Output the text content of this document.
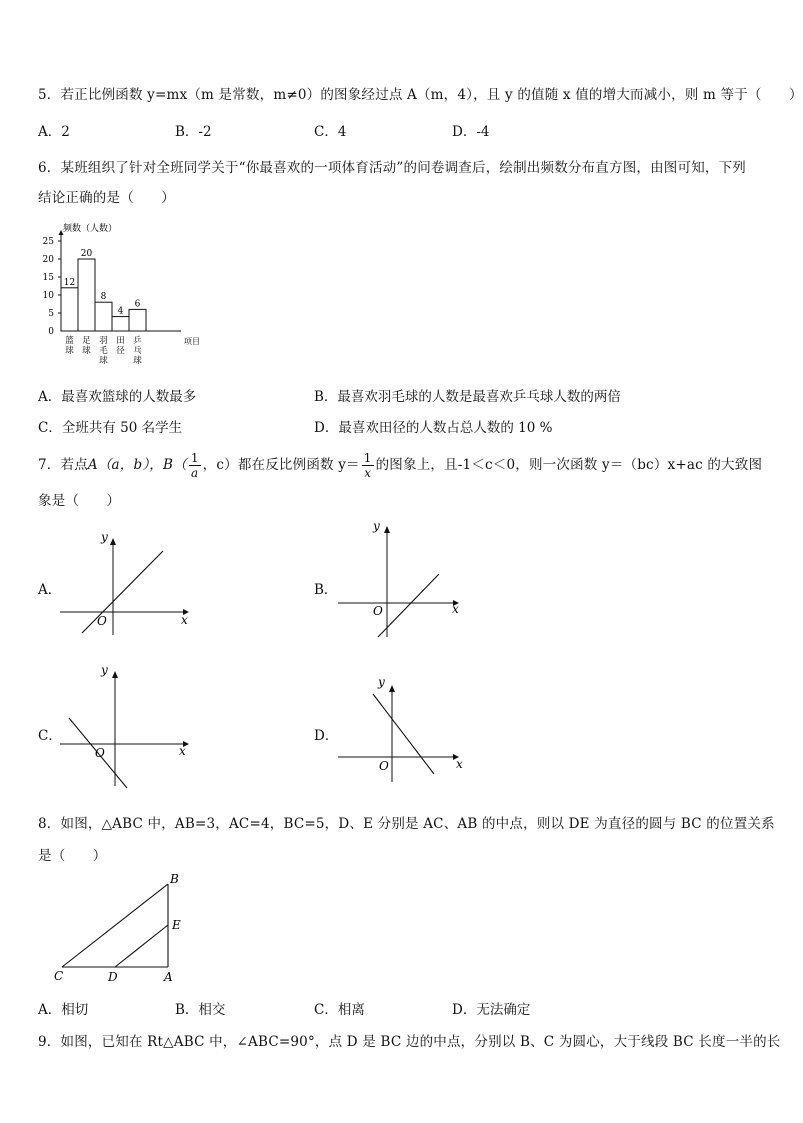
5．若正比例函数 y=mx（m 是常数，m≠0）的图象经过点 A（m，4），且 y 的值随 x 值的增大而减小，则 m 等于（　　）
A．2	B．-2	C．4	D．-4
6．某班组织了针对全班同学关于“你最喜欢的一项体育活动”的问卷调查后，绘制出频数分布直方图，由图可知，下列
结论正确的是（　　）
频数（人数）
项目
0
5
10
15
20
25
12
篮
球
20
足
球
8
羽
毛
球
4
田
径
6
乒
乓
球
A．最喜欢篮球的人数最多	B．最喜欢羽毛球的人数是最喜欢乒乓球人数的两倍
C．全班共有 50 名学生	D．最喜欢田径的人数占总人数的 10 %
7．若点A（a，b），$B( \frac{1}{a}$ ，c）都在反比例函数 $y= \frac{1}{x}$ 的图象上，且-1＜c＜0，则一次函数 y＝（bc）x+ac 的大致图
象是（　　）
A．
y
x
O
B．
y
x
O
C．
y
x
O
D．
y
x
O
8．如图，△ABC 中，AB=3，AC=4，BC=5，D、E 分别是 AC、AB 的中点，则以 DE 为直径的圆与 BC 的位置关系
是（　　）
B
E
C	D	A
A．相切	B．相交	C．相离	D．无法确定
9．如图，已知在 Rt△ABC 中，∠ABC=90°，点 D 是 BC 边的中点，分别以 B、C 为圆心，大于线段 BC 长度一半的长
